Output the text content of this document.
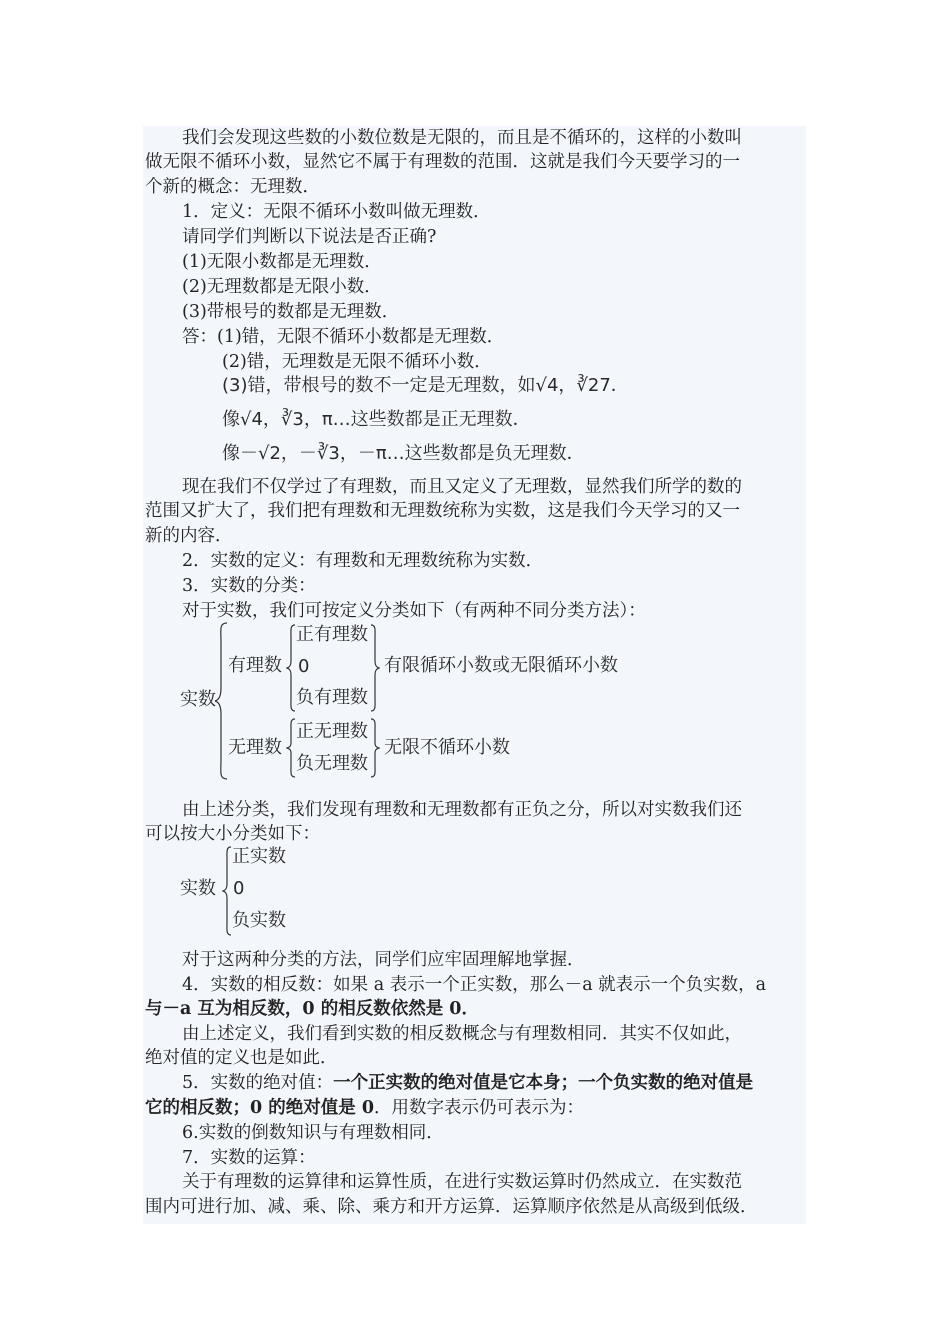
我们会发现这些数的小数位数是无限的，而且是不循环的，这样的小数叫
做无限不循环小数，显然它不属于有理数的范围．这就是我们今天要学习的一
个新的概念：无理数．
1．定义：无限不循环小数叫做无理数．
请同学们判断以下说法是否正确?
(1)无限小数都是无理数．
(2)无理数都是无限小数．
(3)带根号的数都是无理数．
答：(1)错，无限不循环小数都是无理数．
(2)错，无理数是无限不循环小数．
(3)错，带根号的数不一定是无理数，如√4，∛27．
像√4，∛3，π…这些数都是正无理数．
像－√2，－∛3，－π…这些数都是负无理数．
现在我们不仅学过了有理数，而且又定义了无理数，显然我们所学的数的
范围又扩大了，我们把有理数和无理数统称为实数，这是我们今天学习的又一
新的内容．
2．实数的定义：有理数和无理数统称为实数．
3．实数的分类：
对于实数，我们可按定义分类如下（有两种不同分类方法）：
实数
有理数
正有理数
0
负有理数
有限循环小数或无限循环小数
无理数
正无理数
负无理数
无限不循环小数
由上述分类，我们发现有理数和无理数都有正负之分，所以对实数我们还
可以按大小分类如下：
实数
正实数
0
负实数
对于这两种分类的方法，同学们应牢固理解地掌握．
4．实数的相反数：如果 a 表示一个正实数，那么－a 就表示一个负实数，a
与－a 互为相反数，0 的相反数依然是 0．
由上述定义，我们看到实数的相反数概念与有理数相同．其实不仅如此，
绝对值的定义也是如此．
5．实数的绝对值：一个正实数的绝对值是它本身；一个负实数的绝对值是
它的相反数；0 的绝对值是 0．用数字表示仍可表示为：
6.实数的倒数知识与有理数相同．
7．实数的运算：
关于有理数的运算律和运算性质，在进行实数运算时仍然成立．在实数范
围内可进行加、减、乘、除、乘方和开方运算．运算顺序依然是从高级到低级．
